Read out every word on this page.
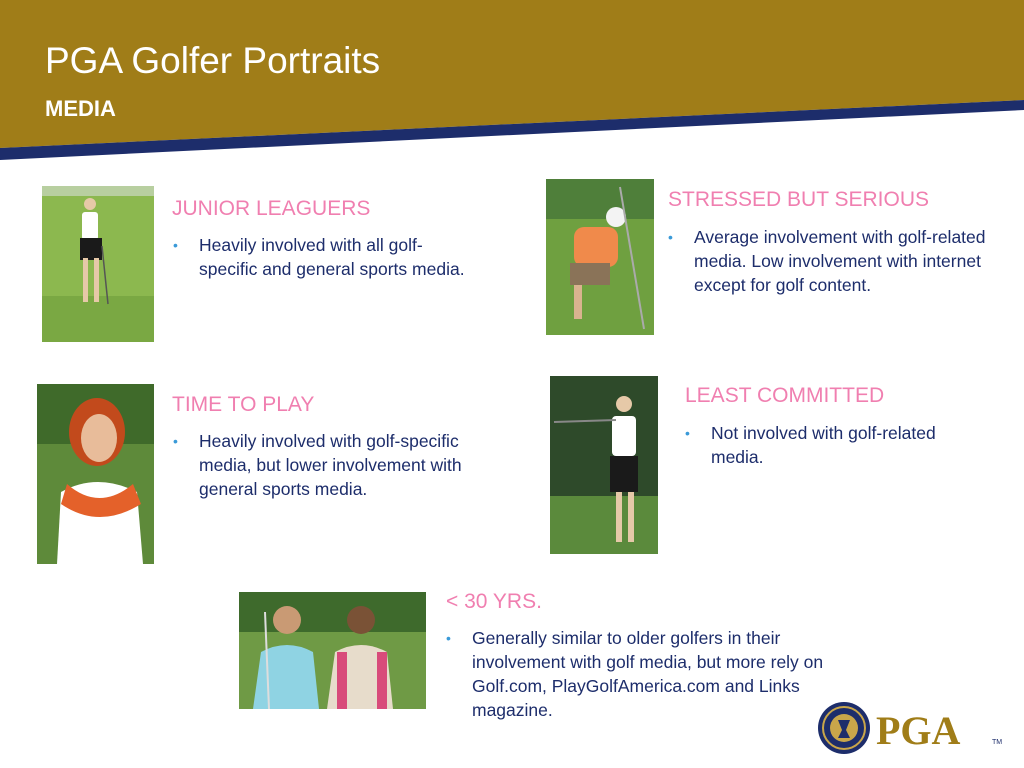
PGA Golfer Portraits
MEDIA
JUNIOR LEAGUERS
• Heavily involved with all golf-specific and general sports media.
STRESSED BUT SERIOUS
• Average involvement with golf-related media. Low involvement with internet except for golf content.
TIME TO PLAY
• Heavily involved with golf-specific media, but lower involvement with general sports media.
LEAST COMMITTED
• Not involved with golf-related media.
< 30 YRS.
• Generally similar to older golfers in their involvement with golf media, but more rely on Golf.com, PlayGolfAmerica.com and Links magazine.	PGA	TM
